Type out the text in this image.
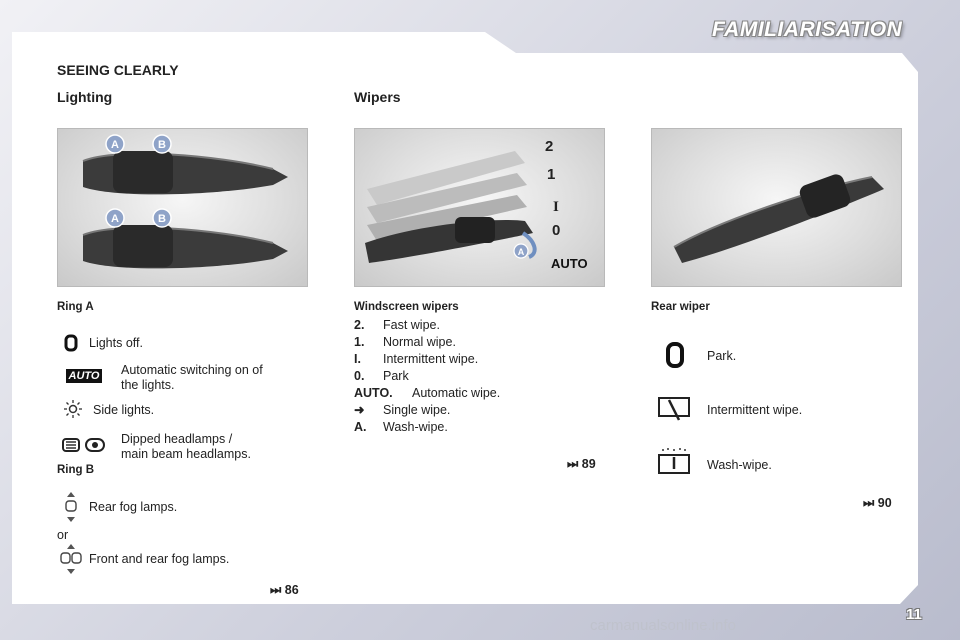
FAMILIARISATION
SEEING CLEARLY
Lighting	Wipers
A	B
A	B
2
1
I
0
AUTO
A
Ring A
Lights off.
AUTO Automatic switching on of
the lights.
Side lights.
Dipped headlamps /
main beam headlamps.
Ring B
Rear fog lamps.
or
Front and rear fog lamps.
⏭ 86
Windscreen wipers
2. Fast wipe.
1. Normal wipe.
I. Intermittent wipe.
0. Park
AUTO. Automatic wipe.
➜ Single wipe.
A. Wash-wipe.
⏭ 89
Rear wiper
Park.
Intermittent wipe.
Wash-wipe.
⏭ 90
11
carmanualsonline.info
